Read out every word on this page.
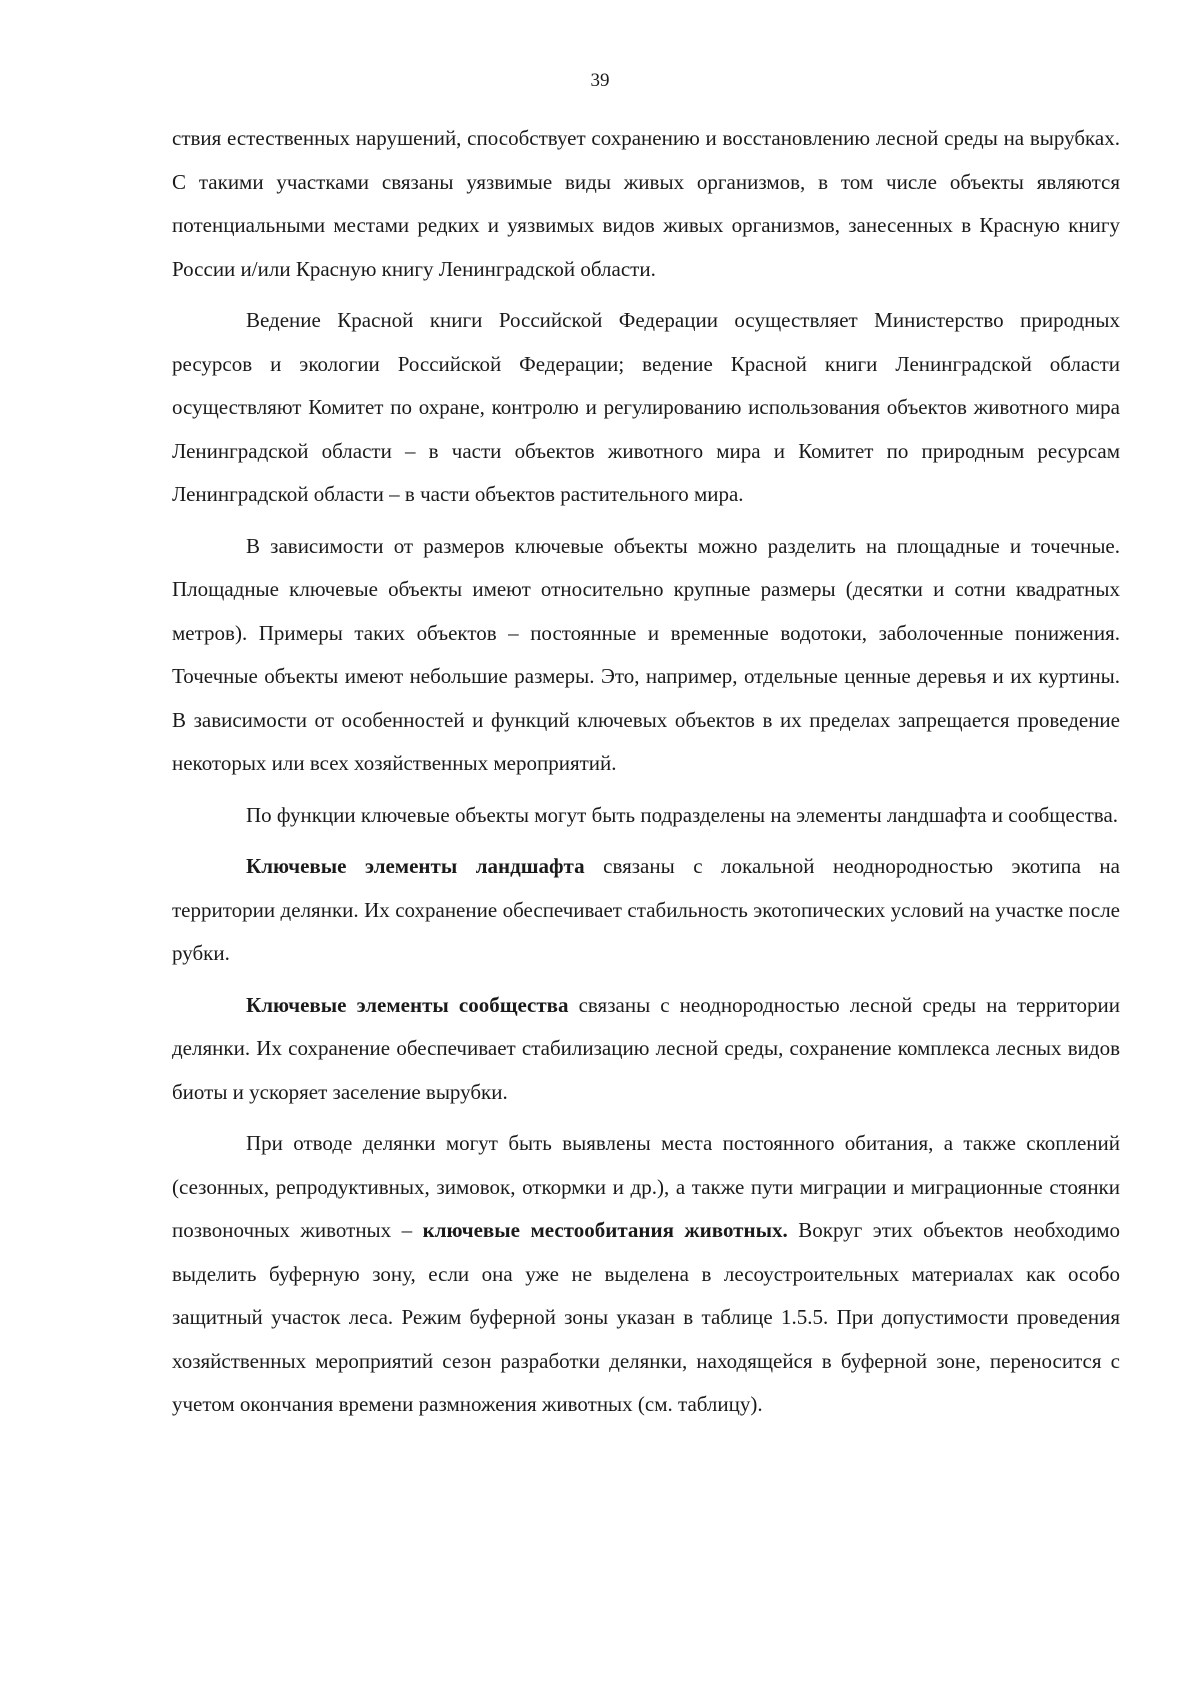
39

ствия естественных нарушений, способствует сохранению и восстановлению лесной среды на вырубках. С такими участками связаны уязвимые виды живых организмов, в том числе объекты являются потенциальными местами редких и уязвимых видов живых организмов, занесенных в Красную книгу России и/или Красную книгу Ленинградской области.

Ведение Красной книги Российской Федерации осуществляет Министерство природных ресурсов и экологии Российской Федерации; ведение Красной книги Ленинградской области осуществляют Комитет по охране, контролю и регулированию использования объектов животного мира Ленинградской области – в части объектов животного мира и Комитет по природным ресурсам Ленинградской области – в части объектов растительного мира.

В зависимости от размеров ключевые объекты можно разделить на площадные и точечные. Площадные ключевые объекты имеют относительно крупные размеры (десятки и сотни квадратных метров). Примеры таких объектов – постоянные и временные водотоки, заболоченные понижения. Точечные объекты имеют небольшие размеры. Это, например, отдельные ценные деревья и их куртины. В зависимости от особенностей и функций ключевых объектов в их пределах запрещается проведение некоторых или всех хозяйственных мероприятий.

По функции ключевые объекты могут быть подразделены на элементы ландшафта и сообщества.

Ключевые элементы ландшафта связаны с локальной неоднородностью экотипа на территории делянки. Их сохранение обеспечивает стабильность экотопических условий на участке после рубки.

Ключевые элементы сообщества связаны с неоднородностью лесной среды на территории делянки. Их сохранение обеспечивает стабилизацию лесной среды, сохранение комплекса лесных видов биоты и ускоряет заселение вырубки.

При отводе делянки могут быть выявлены места постоянного обитания, а также скоплений (сезонных, репродуктивных, зимовок, откормки и др.), а также пути миграции и миграционные стоянки позвоночных животных – ключевые местообитания животных. Вокруг этих объектов необходимо выделить буферную зону, если она уже не выделена в лесоустроительных материалах как особо защитный участок леса. Режим буферной зоны указан в таблице 1.5.5. При допустимости проведения хозяйственных мероприятий сезон разработки делянки, находящейся в буферной зоне, переносится с учетом окончания времени размножения животных (см. таблицу).
